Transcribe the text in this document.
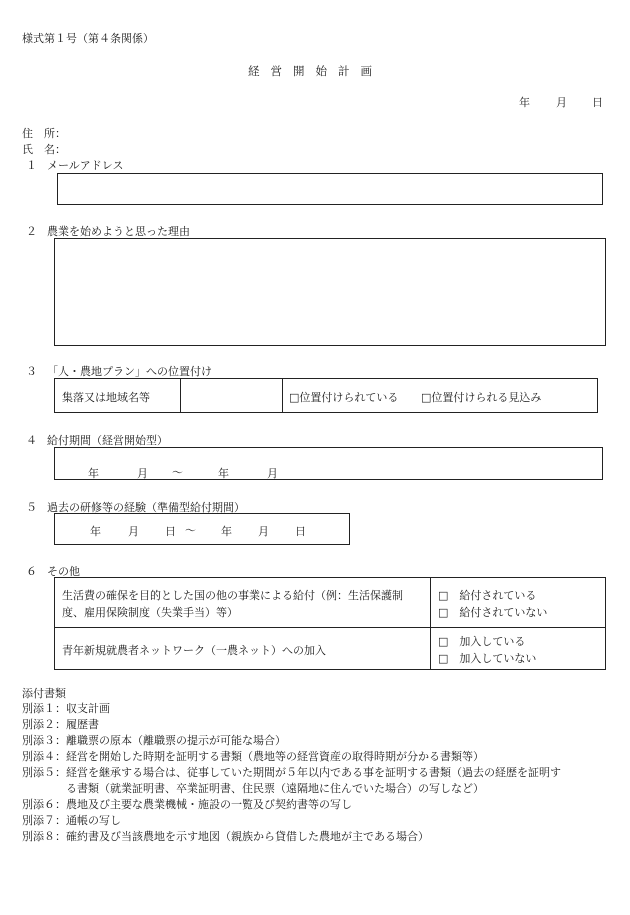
様式第１号（第４条関係）
経営開始計画
年 月 日
住　所：
氏　名：
１ メールアドレス
２ 農業を始めようと思った理由
３ 「人・農地プラン」への位置付け
集落又は地域名等	□位置付けられている □位置付けられる見込み
４ 給付期間（経営開始型）
年	月 ～	年	月
５ 過去の研修等の経験（準備型給付期間）
年 月 日 ～ 年 月 日
６ その他
生活費の確保を目的とした国の他の事業による給付（例：生活保護制
度、雇用保険制度（失業手当）等）
□　給付されている
□　給付されていない
青年新規就農者ネットワーク（一農ネット）への加入
□　加入している
□　加入していない
添付書類
別添１：収支計画
別添２：履歴書
別添３：離職票の原本（離職票の提示が可能な場合）
別添４：経営を開始した時期を証明する書類（農地等の経営資産の取得時期が分かる書類等）
別添５：経営を継承する場合は、従事していた期間が５年以内である事を証明する書類（過去の経歴を証明す
　　　　る書類（就業証明書、卒業証明書、住民票（遠隔地に住んでいた場合）の写しなど）
別添６：農地及び主要な農業機械・施設の一覧及び契約書等の写し
別添７：通帳の写し
別添８：確約書及び当該農地を示す地図（親族から貸借した農地が主である場合）
